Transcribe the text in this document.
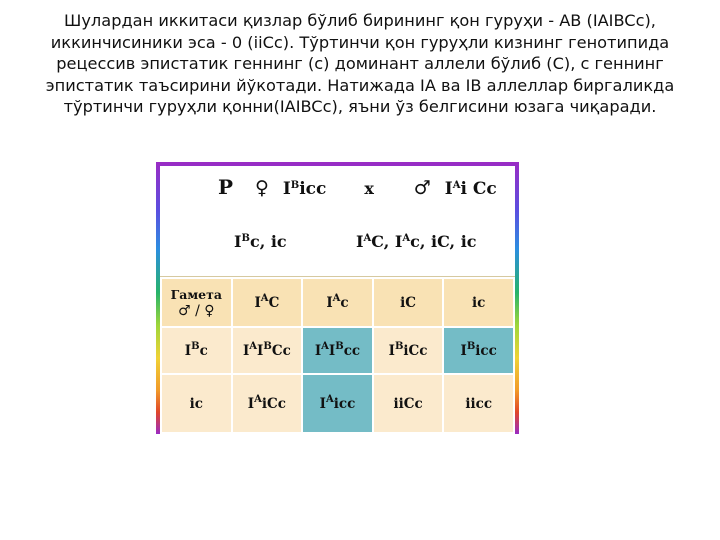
Шулардан иккитаси қизлар бўлиб бирининг қон гуруҳи - АВ (IAIBCc), иккинчисиники эса - 0 (iiCc). Тўртинчи қон гуруҳли кизнинг генотипида рецессив эпистатик геннинг (c) доминант аллели бўлиб (C), c геннинг эпистатик таъсирини йўкотади. Натижада IA ва IB аллеллар биргаликда тўртинчи гуруҳли қонни(IAIBCc), яъни ўз белгисини юзага чиқаради.

P ♀ $I^Bicc$ x ♂ $I^Ai$ Cc
$I^Bc$, ic	$I^AC$, $I^Ac$, iC, ic
Гамета
♂ / ♀	$I^AC$	$I^Ac$	iC	ic
$I^Bc$	$I^AI^BCc$	$I^AI^Bcc$	$I^BiCc$	$I^Bicc$
ic	$I^AiCc$	$I^Aicc$	iiCc	iicc
